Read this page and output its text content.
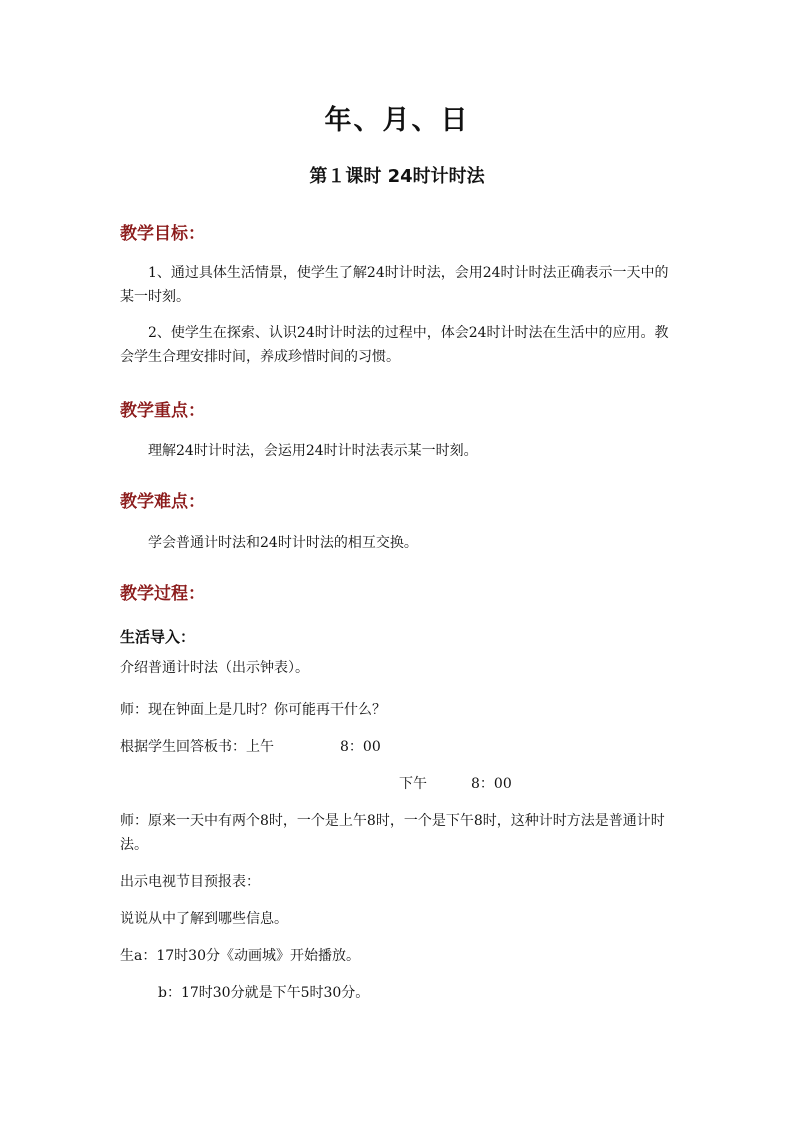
年、月、日
第１课时 24时计时法
教学目标：
1、通过具体生活情景，使学生了解24时计时法，会用24时计时法正确表示一天中的某一时刻。
2、使学生在探索、认识24时计时法的过程中，体会24时计时法在生活中的应用。教会学生合理安排时间，养成珍惜时间的习惯。
教学重点：
理解24时计时法，会运用24时计时法表示某一时刻。
教学难点：
学会普通计时法和24时计时法的相互交换。
教学过程：
生活导入：
介绍普通计时法（出示钟表）。
师：现在钟面上是几时？你可能再干什么？
根据学生回答板书：上午	8：00
下午	8：00
师：原来一天中有两个8时，一个是上午8时，一个是下午8时，这种计时方法是普通计时法。
出示电视节目预报表：
说说从中了解到哪些信息。
生a：17时30分《动画城》开始播放。
b：17时30分就是下午5时30分。
